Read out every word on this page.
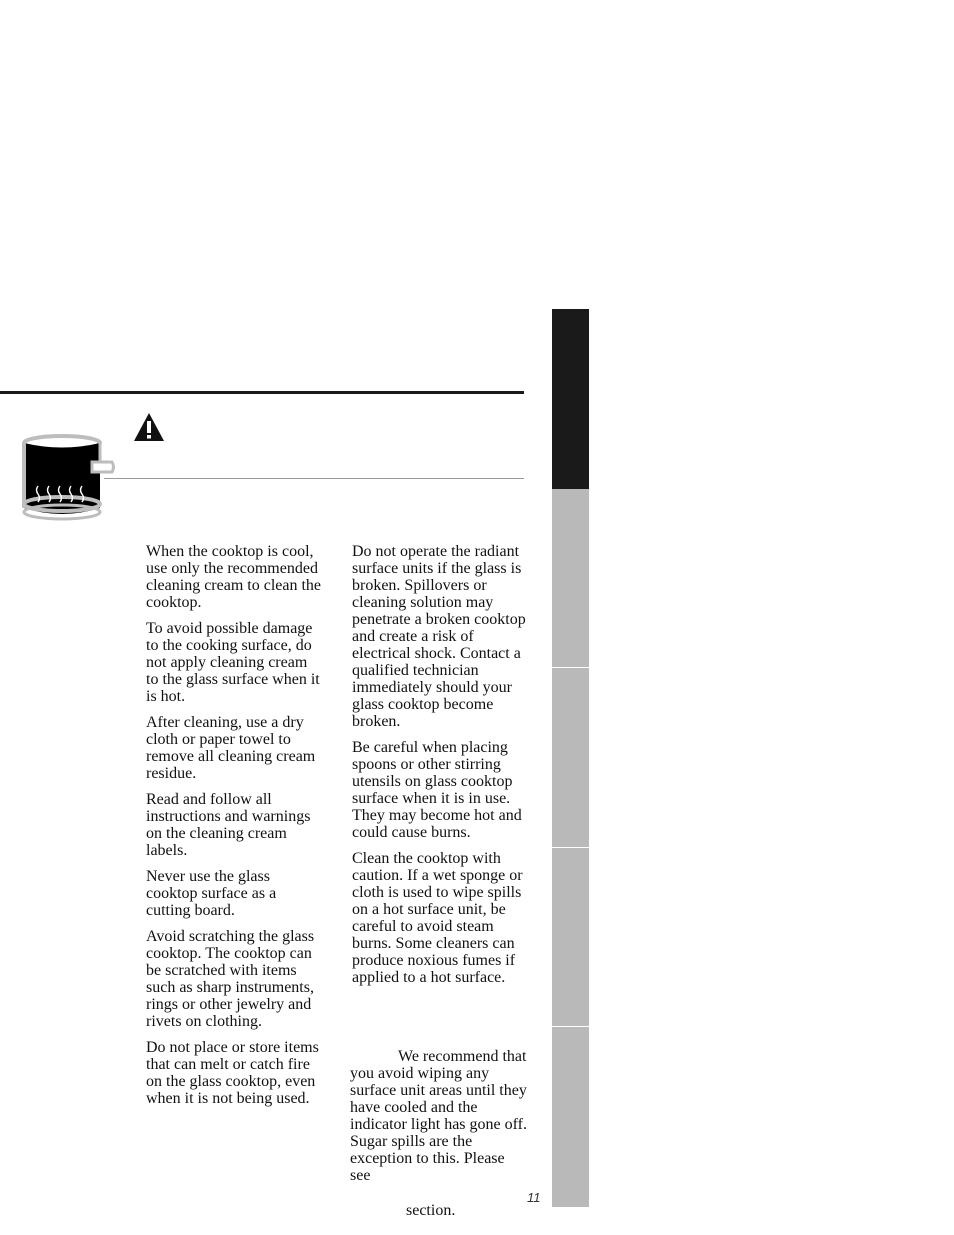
When the cooktop is cool, use only the recommended cleaning cream to clean the cooktop.

To avoid possible damage to the cooking surface, do not apply cleaning cream to the glass surface when it is hot.

After cleaning, use a dry cloth or paper towel to remove all cleaning cream residue.

Read and follow all instructions and warnings on the cleaning cream labels.

Never use the glass cooktop surface as a cutting board.

Avoid scratching the glass cooktop. The cooktop can be scratched with items such as sharp instruments, rings or other jewelry and rivets on clothing.

Do not place or store items that can melt or catch fire on the glass cooktop, even when it is not being used.

Do not operate the radiant surface units if the glass is broken. Spillovers or cleaning solution may penetrate a broken cooktop and create a risk of electrical shock. Contact a qualified technician immediately should your glass cooktop become broken.

Be careful when placing spoons or other stirring utensils on glass cooktop surface when it is in use. They may become hot and could cause burns.

Clean the cooktop with caution. If a wet sponge or cloth is used to wipe spills on a hot surface unit, be careful to avoid steam burns. Some cleaners can produce noxious fumes if applied to a hot surface.

We recommend that you avoid wiping any surface unit areas until they have cooled and the indicator light has gone off. Sugar spills are the exception to this. Please see
section.
11
